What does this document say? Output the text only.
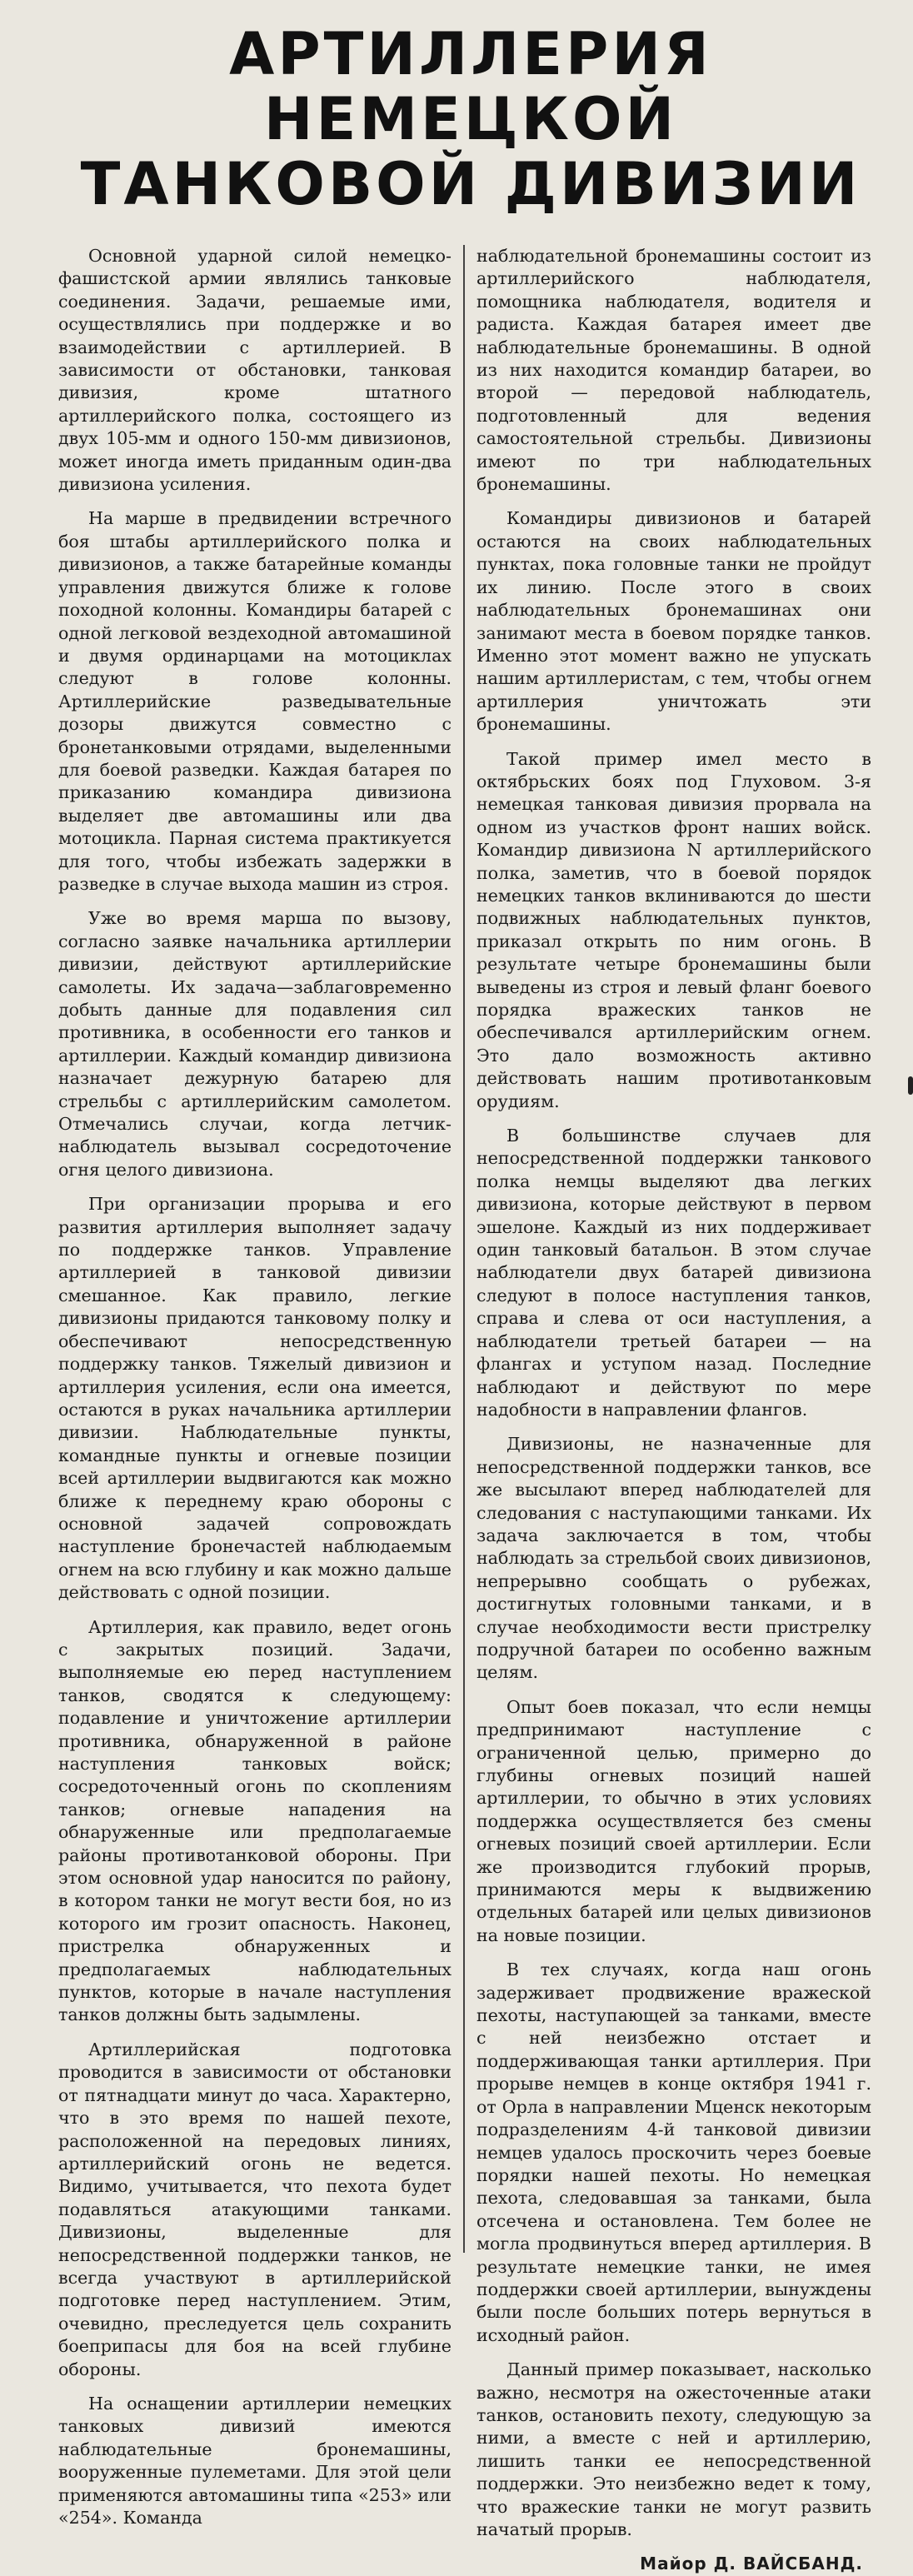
АРТИЛЛЕРИЯ НЕМЕЦКОЙ
ТАНКОВОЙ ДИВИЗИИ

Основной ударной силой немецко-фашистской армии являлись танковые соединения. Задачи, решаемые ими, осуществлялись при поддержке и во взаимодействии с артиллерией. В зависимости от обстановки, танковая дивизия, кроме штатного артиллерийского полка, состоящего из двух 105-мм и одного 150-мм дивизионов, может иногда иметь приданным один-два дивизиона усиления.

На марше в предвидении встречного боя штабы артиллерийского полка и дивизионов, а также батарейные команды управления движутся ближе к голове походной колонны. Командиры батарей с одной легковой вездеходной автомашиной и двумя ординарцами на мотоциклах следуют в голове колонны. Артиллерийские разведывательные дозоры движутся совместно с бронетанковыми отрядами, выделенными для боевой разведки. Каждая батарея по приказанию командира дивизиона выделяет две автомашины или два мотоцикла. Парная система практикуется для того, чтобы избежать задержки в разведке в случае выхода машин из строя.

Уже во время марша по вызову, согласно заявке начальника артиллерии дивизии, действуют артиллерийские самолеты. Их задача—заблаговременно добыть данные для подавления сил противника, в особенности его танков и артиллерии. Каждый командир дивизиона назначает дежурную батарею для стрельбы с артиллерийским самолетом. Отмечались случаи, когда летчик-наблюдатель вызывал сосредоточение огня целого дивизиона.

При организации прорыва и его развития артиллерия выполняет задачу по поддержке танков. Управление артиллерией в танковой дивизии смешанное. Как правило, легкие дивизионы придаются танковому полку и обеспечивают непосредственную поддержку танков. Тяжелый дивизион и артиллерия усиления, если она имеется, остаются в руках начальника артиллерии дивизии. Наблюдательные пункты, командные пункты и огневые позиции всей артиллерии выдвигаются как можно ближе к переднему краю обороны с основной задачей сопровождать наступление бронечастей наблюдаемым огнем на всю глубину и как можно дальше действовать с одной позиции.

Артиллерия, как правило, ведет огонь с закрытых позиций. Задачи, выполняемые ею перед наступлением танков, сводятся к следующему: подавление и уничтожение артиллерии противника, обнаруженной в районе наступления танковых войск; сосредоточенный огонь по скоплениям танков; огневые нападения на обнаруженные или предполагаемые районы противотанковой обороны. При этом основной удар наносится по району, в котором танки не могут вести боя, но из которого им грозит опасность. Наконец, пристрелка обнаруженных и предполагаемых наблюдательных пунктов, которые в начале наступления танков должны быть задымлены.

Артиллерийская подготовка проводится в зависимости от обстановки от пятнадцати минут до часа. Характерно, что в это время по нашей пехоте, расположенной на передовых линиях, артиллерийский огонь не ведется. Видимо, учитывается, что пехота будет подавляться атакующими танками. Дивизионы, выделенные для непосредственной поддержки танков, не всегда участвуют в артиллерийской подготовке перед наступлением. Этим, очевидно, преследуется цель сохранить боеприпасы для боя на всей глубине обороны.

На оснащении артиллерии немецких танковых дивизий имеются наблюдательные бронемашины, вооруженные пулеметами. Для этой цели применяются автомашины типа «253» или «254». Команда

наблюдательной бронемашины состоит из артиллерийского наблюдателя, помощника наблюдателя, водителя и радиста. Каждая батарея имеет две наблюдательные бронемашины. В одной из них находится командир батареи, во второй — передовой наблюдатель, подготовленный для ведения самостоятельной стрельбы. Дивизионы имеют по три наблюдательных бронемашины.

Командиры дивизионов и батарей остаются на своих наблюдательных пунктах, пока головные танки не пройдут их линию. После этого в своих наблюдательных бронемашинах они занимают места в боевом порядке танков. Именно этот момент важно не упускать нашим артиллеристам, с тем, чтобы огнем артиллерия уничтожать эти бронемашины.

Такой пример имел место в октябрьских боях под Глуховом. 3-я немецкая танковая дивизия прорвала на одном из участков фронт наших войск. Командир дивизиона N артиллерийского полка, заметив, что в боевой порядок немецких танков вклиниваются до шести подвижных наблюдательных пунктов, приказал открыть по ним огонь. В результате четыре бронемашины были выведены из строя и левый фланг боевого порядка вражеских танков не обеспечивался артиллерийским огнем. Это дало возможность активно действовать нашим противотанковым орудиям.

В большинстве случаев для непосредственной поддержки танкового полка немцы выделяют два легких дивизиона, которые действуют в первом эшелоне. Каждый из них поддерживает один танковый батальон. В этом случае наблюдатели двух батарей дивизиона следуют в полосе наступления танков, справа и слева от оси наступления, а наблюдатели третьей батареи — на флангах и уступом назад. Последние наблюдают и действуют по мере надобности в направлении флангов.

Дивизионы, не назначенные для непосредственной поддержки танков, все же высылают вперед наблюдателей для следования с наступающими танками. Их задача заключается в том, чтобы наблюдать за стрельбой своих дивизионов, непрерывно сообщать о рубежах, достигнутых головными танками, и в случае необходимости вести пристрелку подручной батареи по особенно важным целям.

Опыт боев показал, что если немцы предпринимают наступление с ограниченной целью, примерно до глубины огневых позиций нашей артиллерии, то обычно в этих условиях поддержка осуществляется без смены огневых позиций своей артиллерии. Если же производится глубокий прорыв, принимаются меры к выдвижению отдельных батарей или целых дивизионов на новые позиции.

В тех случаях, когда наш огонь задерживает продвижение вражеской пехоты, наступающей за танками, вместе с ней неизбежно отстает и поддерживающая танки артиллерия. При прорыве немцев в конце октября 1941 г. от Орла в направлении Мценск некоторым подразделениям 4-й танковой дивизии немцев удалось проскочить через боевые порядки нашей пехоты. Но немецкая пехота, следовавшая за танками, была отсечена и остановлена. Тем более не могла продвинуться вперед артиллерия. В результате немецкие танки, не имея поддержки своей артиллерии, вынуждены были после больших потерь вернуться в исходный район.

Данный пример показывает, насколько важно, несмотря на ожесточенные атаки танков, остановить пехоту, следующую за ними, а вместе с ней и артиллерию, лишить танки ее непосредственной поддержки. Это неизбежно ведет к тому, что вражеские танки не могут развить начатый прорыв.

Майор Д. ВАЙСБАНД.
